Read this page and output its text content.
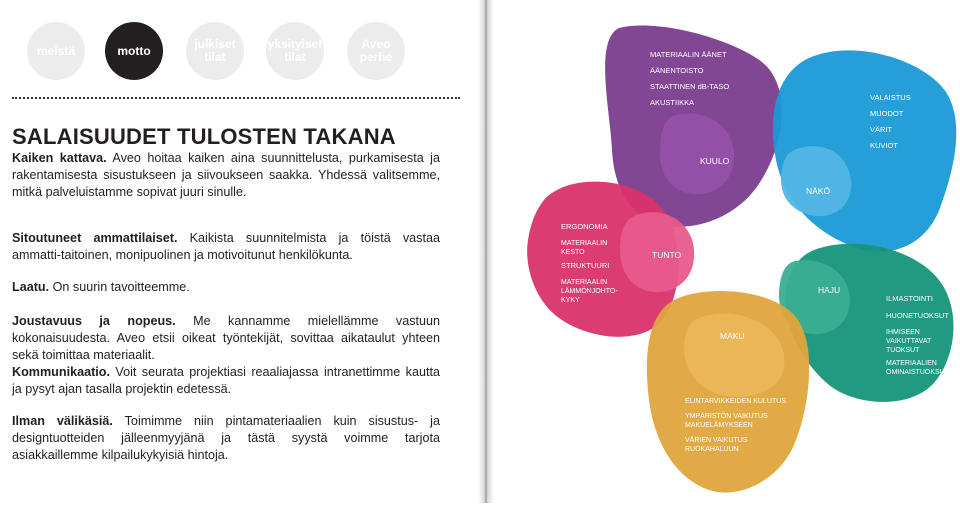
meistä	motto	julkiset tilat
yksityiset tilat
Aveo perhe
SALAISUUDET TULOSTEN TAKANA
Kaiken kattava. Aveo hoitaa kaiken aina suunnittelusta, purkamisesta ja rakentamisesta sisustukseen ja siivoukseen saakka. Yhdessä valitsemme, mitkä palveluistamme sopivat juuri sinulle.
Sitoutuneet ammattilaiset. Kaikista suunnitelmista ja töistä vastaa ammatti-taitoinen, monipuolinen ja motivoitunut henkilökunta.
Laatu. On suurin tavoitteemme.
Joustavuus ja nopeus. Me kannamme mielellämme vastuun kokonaisuudesta. Aveo etsii oikeat työntekijät, sovittaa aikataulut yhteen sekä toimittaa materiaalit.
Kommunikaatio. Voit seurata projektiasi reaaliajassa intranettimme kautta ja pysyt ajan tasalla projektin edetessä.
Ilman välikäsiä. Toimimme niin pintamateriaalien kuin sisustus- ja designtuotteiden jälleenmyyjänä ja tästä syystä voimme tarjota asiakkaillemme kilpailukykyisiä hintoja.
MATERIAALIN ÄÄNET
ÄÄNENTOISTO
STAATTINEN dB-TASO
AKUSTIIKKA
KUULO
VALAISTUS
MUODOT
VÄRIT
KUVIOT
NÄKÖ
ERGONOMIA
MATERIAALIN KESTO
STRUKTUURI
MATERIAALIN LÄMMÖNJOHTO- KYKY
TUNTO
HAJU
ILMASTOINTI
HUONETUOKSUT
IHMISEEN VAIKUTTAVAT TUOKSUT
MATERIAALIEN OMINAISTUOKSUT
MAKU
ELINTARVIKKEIDEN KULUTUS
YMPÄRISTÖN VAIKUTUS MAKUELÄMYKSEEN
VÄRIEN VAIKUTUS RUOKAHALUUN
